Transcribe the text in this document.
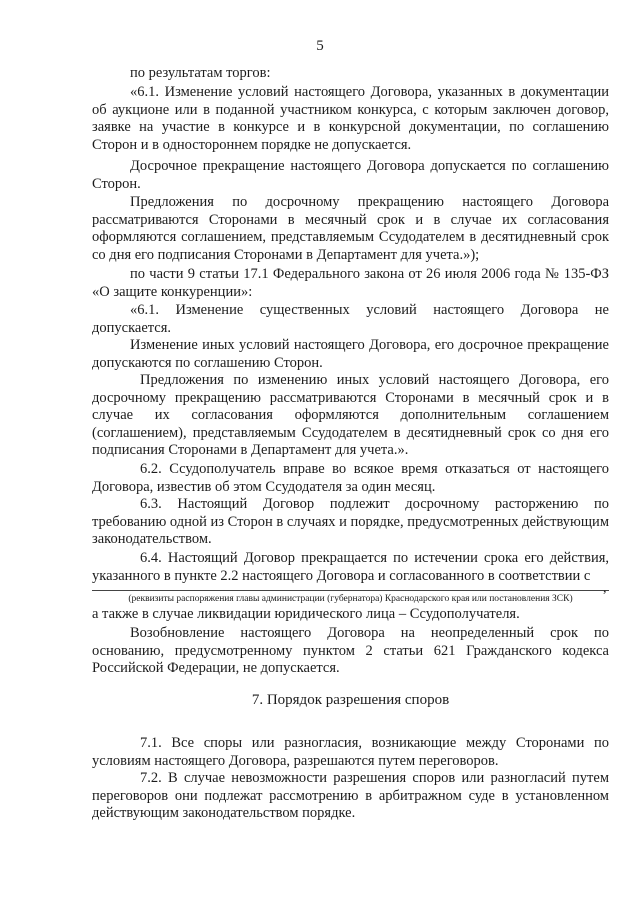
5

по результатам торгов:

«6.1. Изменение условий настоящего Договора, указанных в документации об аукционе или в поданной участником конкурса, с которым заключен договор, заявке на участие в конкурсе и в конкурсной документации, по соглашению Сторон и в одностороннем порядке не допускается.

Досрочное прекращение настоящего Договора допускается по соглашению Сторон.

Предложения по досрочному прекращению настоящего Договора рассматриваются Сторонами в месячный срок и в случае их согласования оформляются соглашением, представляемым Ссудодателем в десятидневный срок со дня его подписания Сторонами в Департамент для учета.»);

по части 9 статьи 17.1 Федерального закона от 26 июля 2006 года № 135-ФЗ «О защите конкуренции»:

«6.1. Изменение существенных условий настоящего Договора не допускается.

Изменение иных условий настоящего Договора, его досрочное прекращение допускаются по соглашению Сторон.

Предложения по изменению иных условий настоящего Договора, его досрочному прекращению рассматриваются Сторонами в месячный срок и в случае их согласования оформляются дополнительным соглашением (соглашением), представляемым Ссудодателем в десятидневный срок со дня его подписания Сторонами в Департамент для учета.».

6.2. Ссудополучатель вправе во всякое время отказаться от настоящего Договора, известив об этом Ссудодателя за один месяц.

6.3. Настоящий Договор подлежит досрочному расторжению по требованию одной из Сторон в случаях и порядке, предусмотренных действующим законодательством.

6.4. Настоящий Договор прекращается по истечении срока его действия, указанного в пункте 2.2 настоящего Договора и согласованного в соответствии с

,
(реквизиты распоряжения главы администрации (губернатора) Краснодарского края или постановления ЗСК)

а также в случае ликвидации юридического лица – Ссудополучателя.

Возобновление настоящего Договора на неопределенный срок по основанию, предусмотренному пунктом 2 статьи 621 Гражданского кодекса Российской Федерации, не допускается.

7. Порядок разрешения споров

7.1. Все споры или разногласия, возникающие между Сторонами по условиям настоящего Договора, разрешаются путем переговоров.

7.2. В случае невозможности разрешения споров или разногласий путем переговоров они подлежат рассмотрению в арбитражном суде в установленном действующим законодательством порядке.
